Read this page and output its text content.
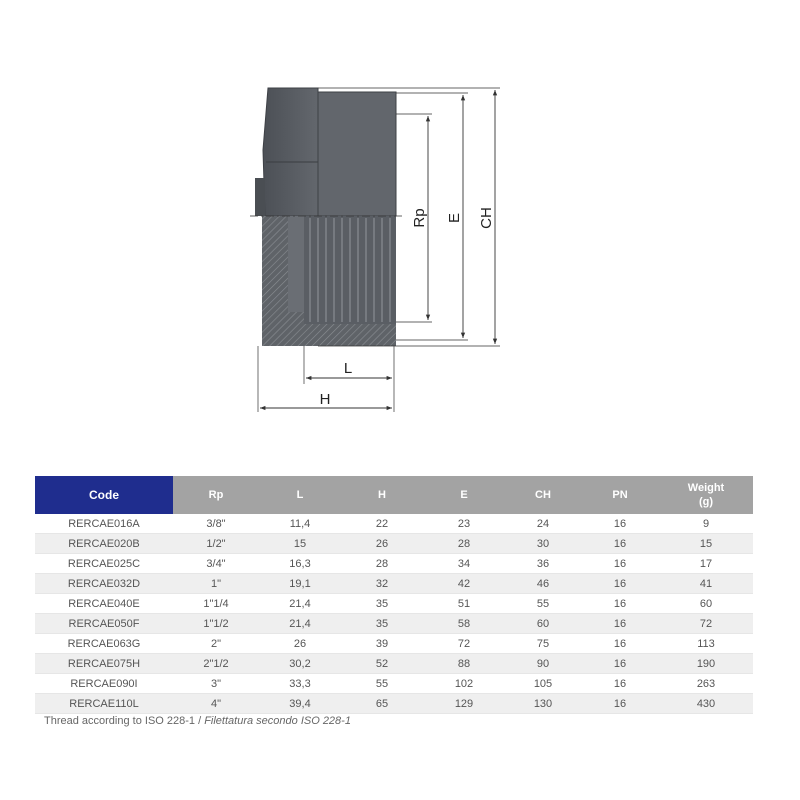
Rp E CH
L
H
Code	Rp	L	H	E	CH	PN	Weight
(g)
RERCAE016A	3/8"	11,4	22	23	24	16	9
RERCAE020B	1/2"	15	26	28	30	16	15
RERCAE025C	3/4"	16,3	28	34	36	16	17
RERCAE032D	1"	19,1	32	42	46	16	41
RERCAE040E	1"1/4	21,4	35	51	55	16	60
RERCAE050F	1"1/2	21,4	35	58	60	16	72
RERCAE063G	2"	26	39	72	75	16	113
RERCAE075H	2"1/2	30,2	52	88	90	16	190
RERCAE090I	3"	33,3	55	102	105	16	263
RERCAE110L	4"	39,4	65	129	130	16	430
Thread according to ISO 228-1 / Filettatura secondo ISO 228-1
